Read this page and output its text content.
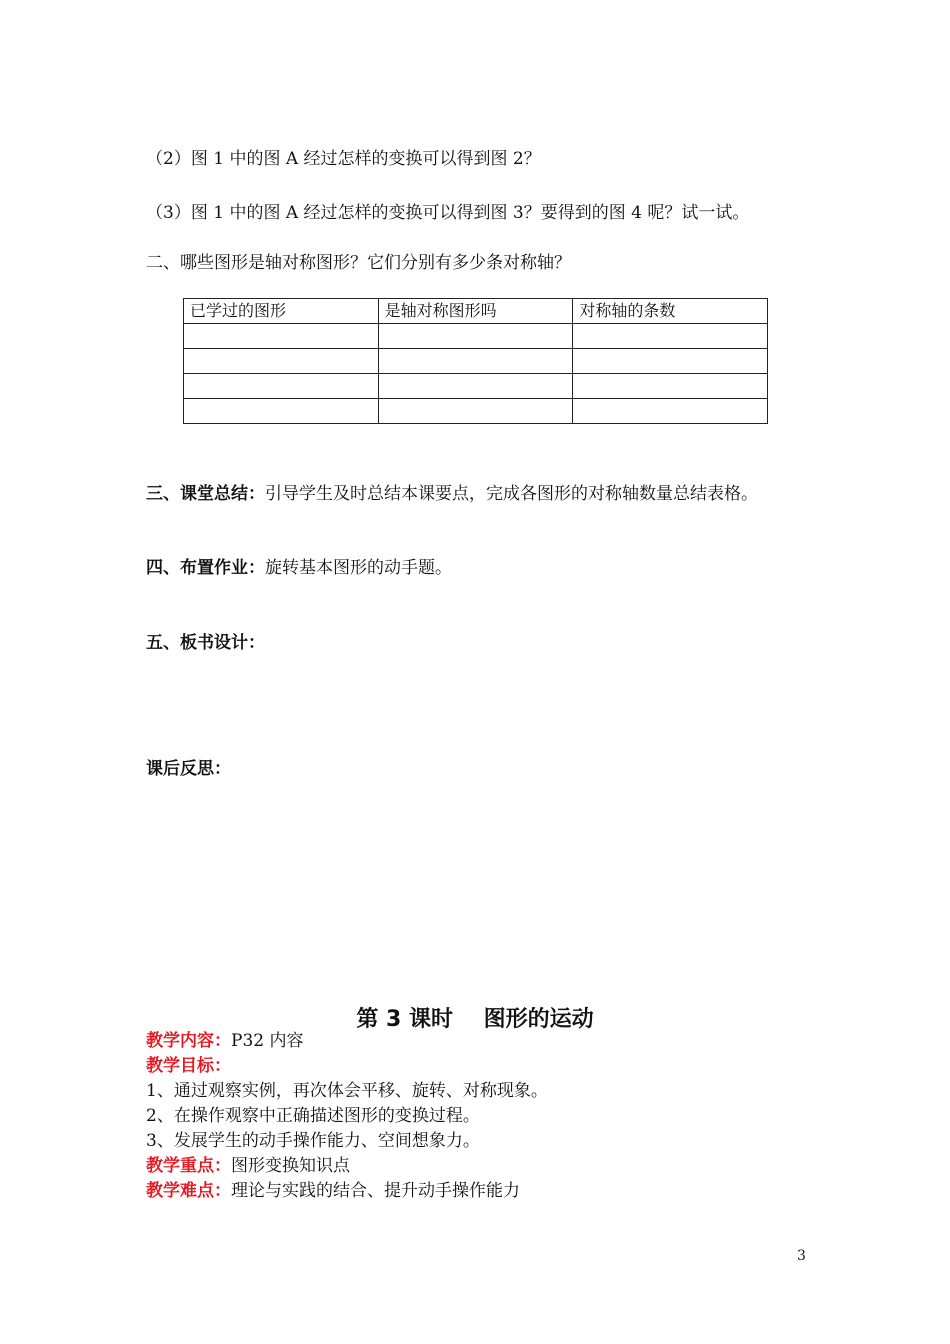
（2）图 1 中的图 A 经过怎样的变换可以得到图 2？
（3）图 1 中的图 A 经过怎样的变换可以得到图 3？要得到的图 4 呢？试一试。
二、哪些图形是轴对称图形？它们分别有多少条对称轴？
已学过的图形	是轴对称图形吗	对称轴的条数

三、课堂总结：引导学生及时总结本课要点，完成各图形的对称轴数量总结表格。
四、布置作业：旋转基本图形的动手题。
五、板书设计：
课后反思：
第 3 课时 图形的运动
教学内容：P32 内容
教学目标：
1、通过观察实例，再次体会平移、旋转、对称现象。
2、在操作观察中正确描述图形的变换过程。
3、发展学生的动手操作能力、空间想象力。
教学重点：图形变换知识点
教学难点：理论与实践的结合、提升动手操作能力
3
